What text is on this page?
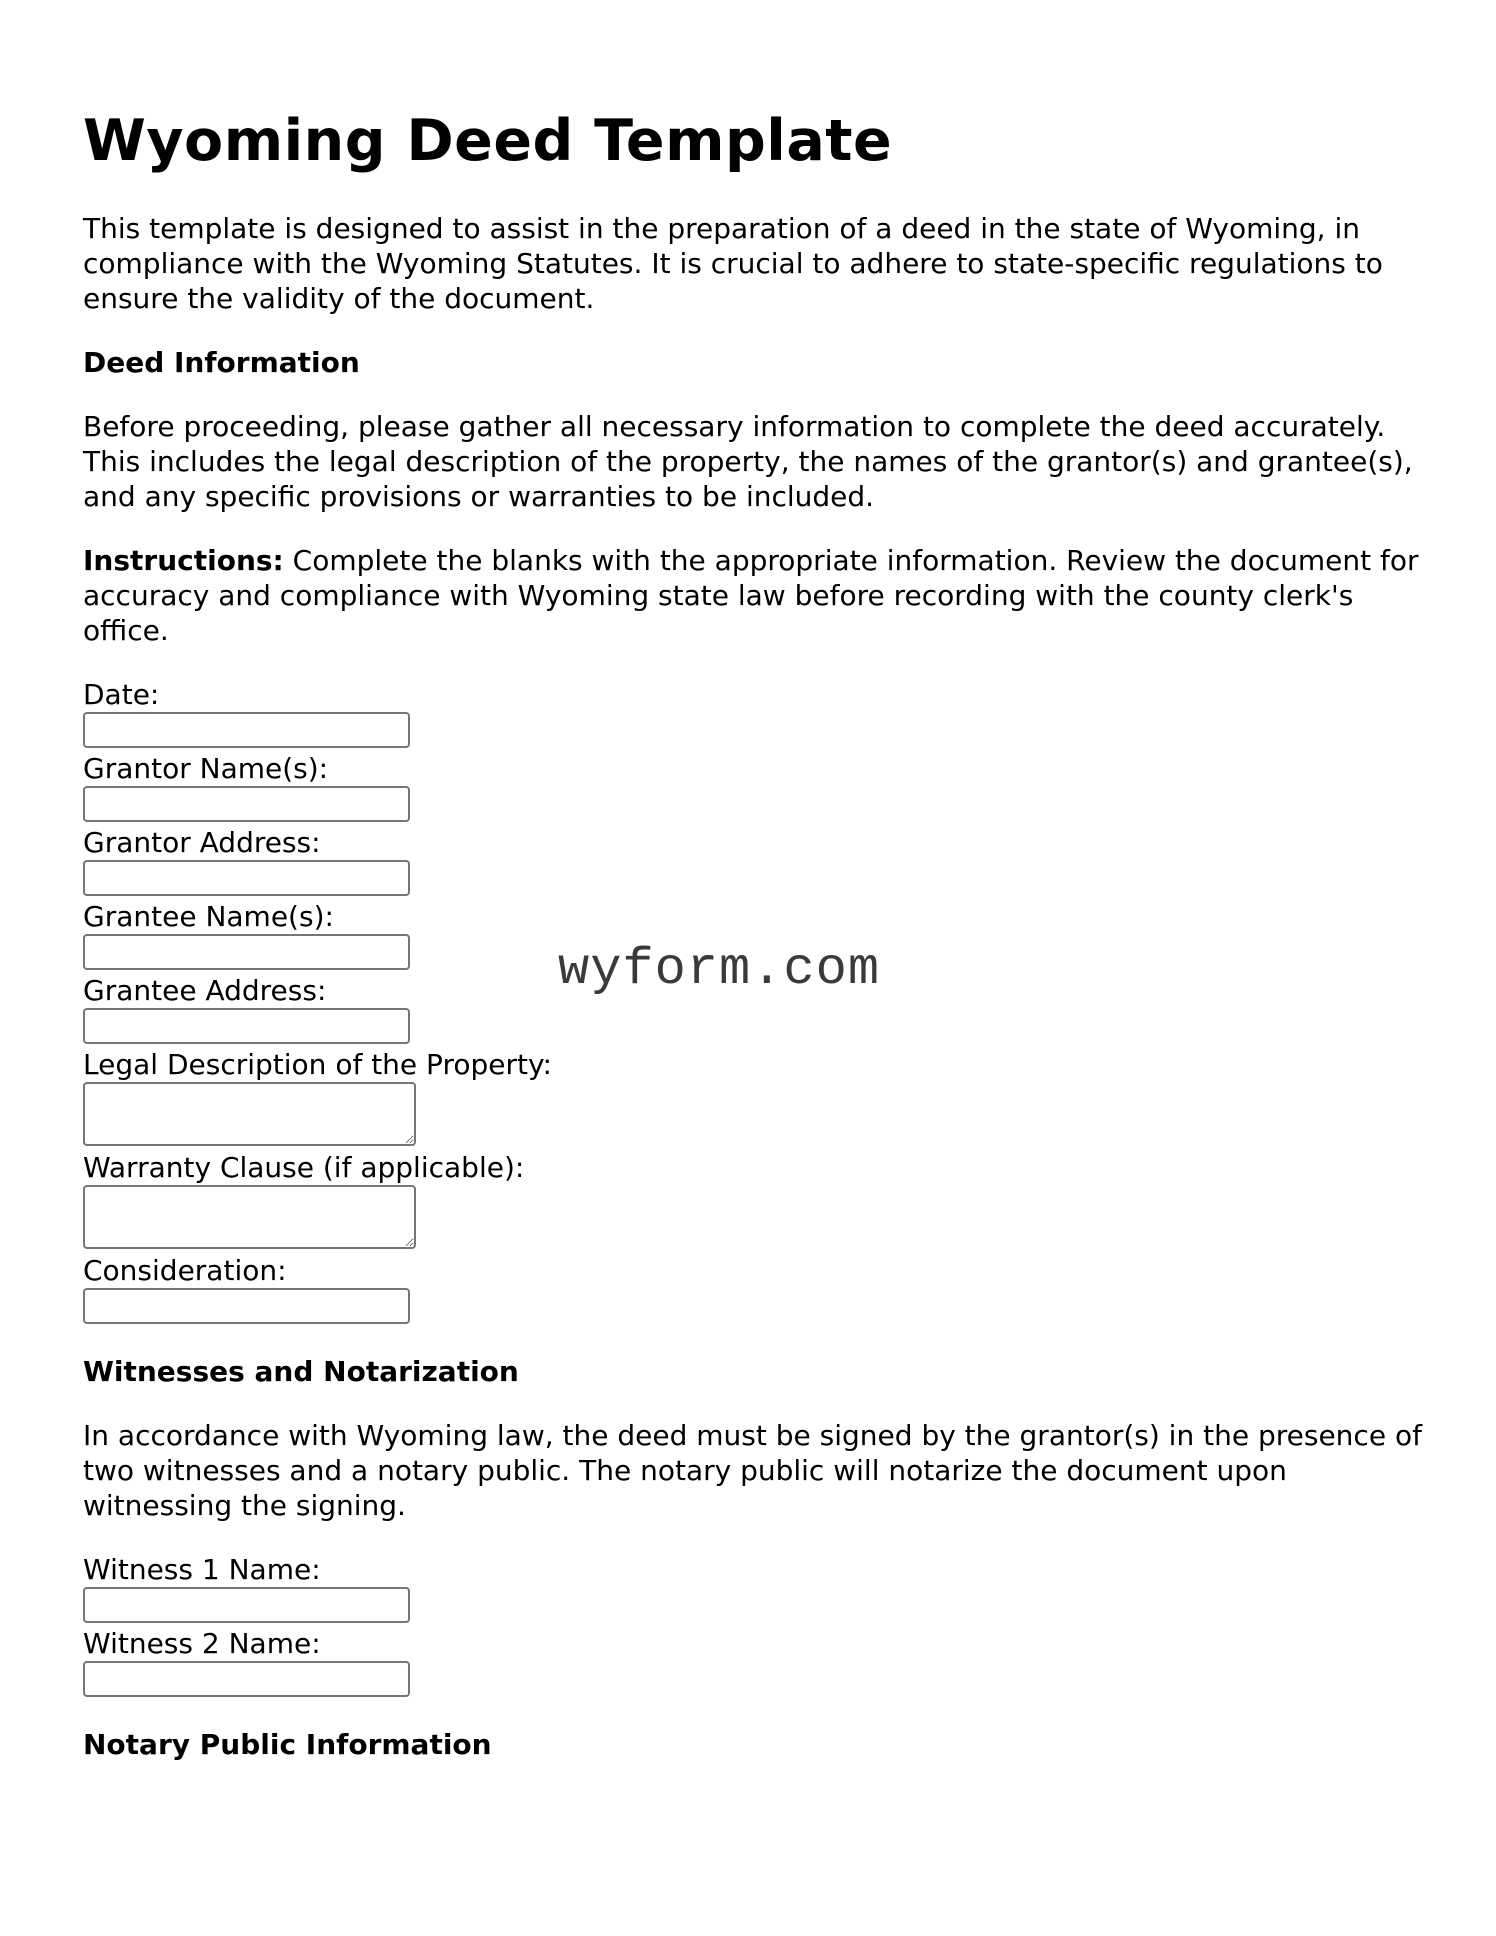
Wyoming Deed Template

This template is designed to assist in the preparation of a deed in the state of Wyoming, in compliance with the Wyoming Statutes. It is crucial to adhere to state-specific regulations to ensure the validity of the document.

Deed Information

Before proceeding, please gather all necessary information to complete the deed accurately. This includes the legal description of the property, the names of the grantor(s) and grantee(s), and any specific provisions or warranties to be included.

Instructions: Complete the blanks with the appropriate information. Review the document for accuracy and compliance with Wyoming state law before recording with the county clerk's office.

Date:
Grantor Name(s):
Grantor Address:
Grantee Name(s):
Grantee Address:
Legal Description of the Property:
Warranty Clause (if applicable):
Consideration:
Witnesses and Notarization

In accordance with Wyoming law, the deed must be signed by the grantor(s) in the presence of two witnesses and a notary public. The notary public will notarize the document upon witnessing the signing.

Witness 1 Name:
Witness 2 Name:
Notary Public Information
wyform.com
